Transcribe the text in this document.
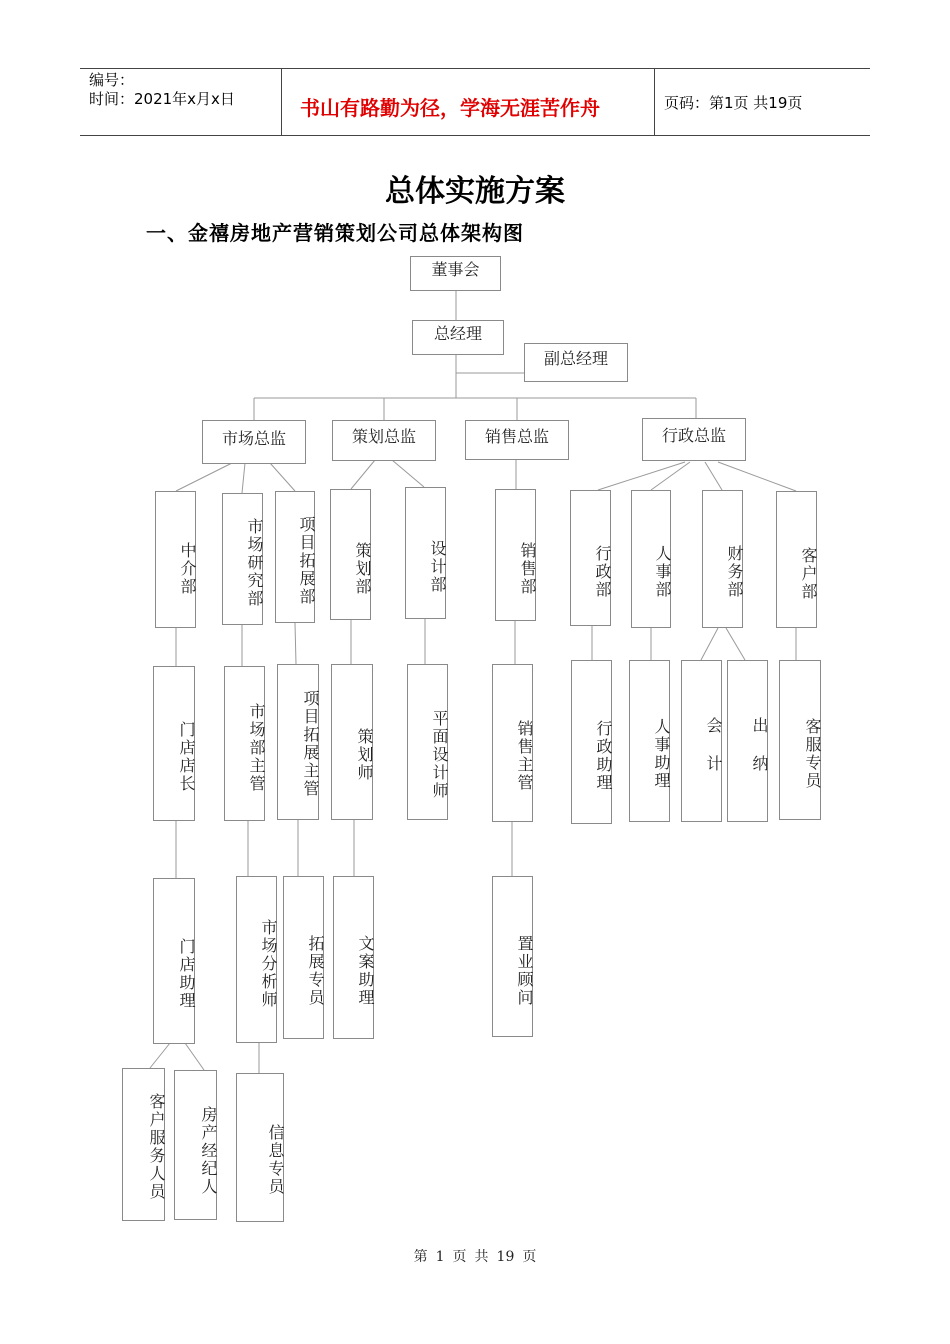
编号：
时间：2021年x月x日	书山有路勤为径，学海无涯苦作舟	页码：第1页 共19页
总体实施方案
一、金禧房地产营销策划公司总体架构图
董事会
总经理
副总经理
市场总监	策划总监	销售总监	行政总监
中介部	市场研究部	项目拓展部	策划部	设计部	销售部	行政部	人事部	财务部	客户部
门店店长	市场部主管	项目拓展主管	策划师	平面设计师	销售主管	行政助理	人事助理	会计	出纳	客服专员
门店助理	市场分析师	拓展专员	文案助理	置业顾问
客户服务人员	房产经纪人	信息专员
第 1 页 共 19 页
